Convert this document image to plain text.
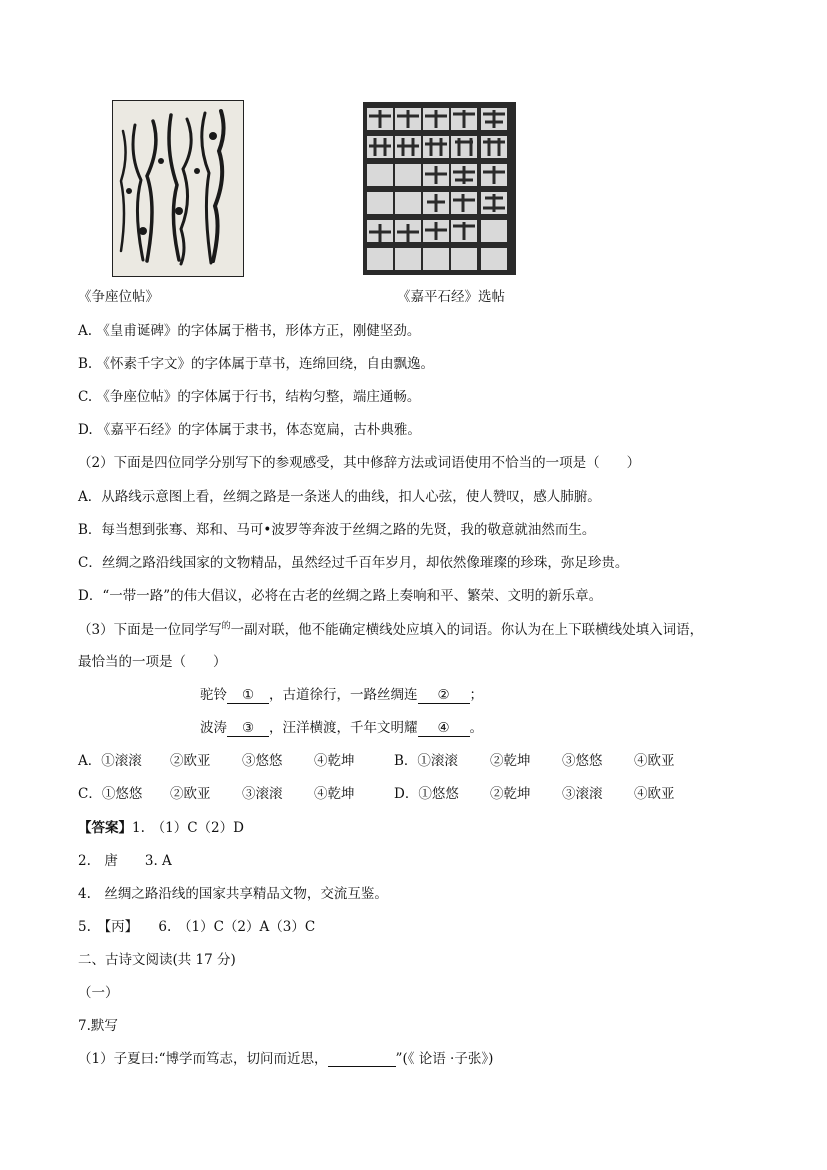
《争座位帖》	《嘉平石经》选帖
A. 《皇甫诞碑》的字体属于楷书，形体方正，刚健坚劲。
B. 《怀素千字文》的字体属于草书，连绵回绕，自由飘逸。
C. 《争座位帖》的字体属于行书，结构匀整，端庄通畅。
D. 《嘉平石经》的字体属于隶书，体态宽扁，古朴典雅。
（2）下面是四位同学分别写下的参观感受，其中修辞方法或词语使用不恰当的一项是（　　）
A．从路线示意图上看，丝绸之路是一条迷人的曲线，扣人心弦，使人赞叹，感人肺腑。
B．每当想到张骞、郑和、马可•波罗等奔波于丝绸之路的先贤，我的敬意就油然而生。
C．丝绸之路沿线国家的文物精品，虽然经过千百年岁月，却依然像璀璨的珍珠，弥足珍贵。
D．“一带一路”的伟大倡议，必将在古老的丝绸之路上奏响和平、繁荣、文明的新乐章。
（3）下面是一位同学写$^的$一副对联，他不能确定横线处应填入的词语。你认为在上下联横线处填入词语，
最恰当的一项是（　　）
驼铃 ① ，古道徐行，一路丝绸连 ② ；
波涛 ③ ，汪洋横渡，千年文明耀 ④ 。
A．①滚滚 ②欧亚 ③悠悠 ④乾坤	B．①滚滚 ②乾坤 ③悠悠 ④欧亚
C．①悠悠 ②欧亚 ③滚滚 ④乾坤	D．①悠悠 ②乾坤 ③滚滚 ④欧亚
【答案】1.　（1）C（2）D
2.　唐　　3. A
4.　丝绸之路沿线的国家共享精品文物，交流互鉴。
5.　【丙】　　6.　（1）C（2）A（3）C
二、古诗文阅读(共 17 分)
（一）
7.默写
（1）子夏曰:“博学而笃志，切问而近思，	”(《 论语 ·子张》)
